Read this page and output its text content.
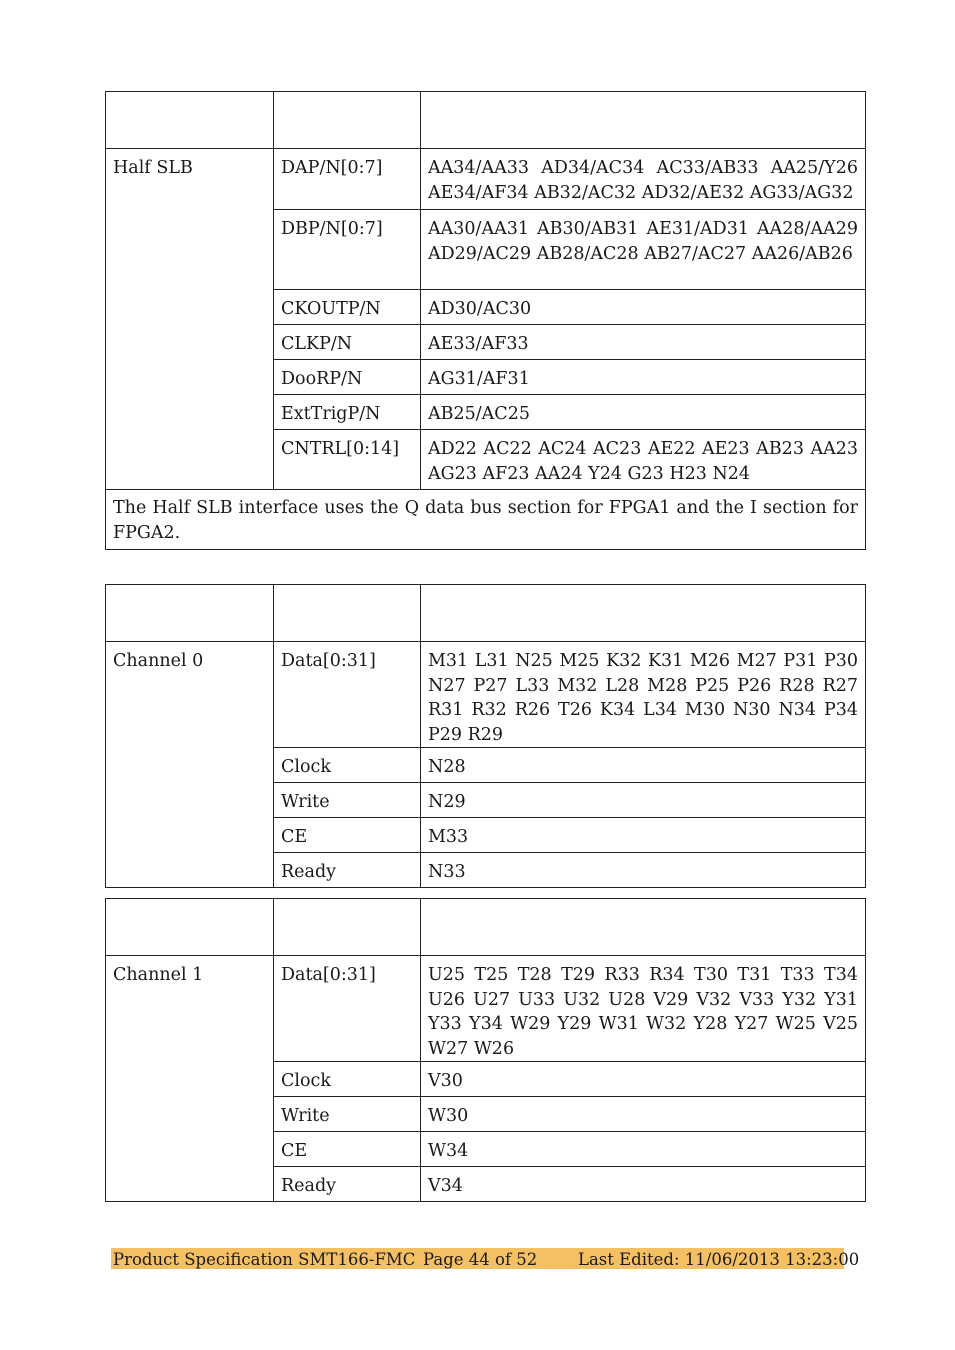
Half SLB	DAP/N[0:7]	AA34/AA33 AD34/AC34 AC33/AB33 AA25/Y26 AE34/AF34 AB32/AC32 AD32/AE32 AG33/AG32
	DBP/N[0:7]	AA30/AA31 AB30/AB31 AE31/AD31 AA28/AA29 AD29/AC29 AB28/AC28 AB27/AC27 AA26/AB26
	CKOUTP/N	AD30/AC30
	CLKP/N	AE33/AF33
	DooRP/N	AG31/AF31
	ExtTrigP/N	AB25/AC25
	CNTRL[0:14]	AD22 AC22 AC24 AC23 AE22 AE23 AB23 AA23 AG23 AF23 AA24 Y24 G23 H23 N24
The Half SLB interface uses the Q data bus section for FPGA1 and the I section for FPGA2.		

Channel 0	Data[0:31]	M31 L31 N25 M25 K32 K31 M26 M27 P31 P30 N27 P27 L33 M32 L28 M28 P25 P26 R28 R27 R31 R32 R26 T26 K34 L34 M30 N30 N34 P34 P29 R29
	Clock	N28
	Write	N29
	CE	M33
	Ready	N33

Channel 1	Data[0:31]	U25 T25 T28 T29 R33 R34 T30 T31 T33 T34 U26 U27 U33 U32 U28 V29 V32 V33 Y32 Y31 Y33 Y34 W29 Y29 W31 W32 Y28 Y27 W25 V25 W27 W26
	Clock	V30
	Write	W30
	CE	W34
	Ready	V34
Product Specification SMT166-FMC Page 44 of 52 Last Edited: 11/06/2013 13:23:00
